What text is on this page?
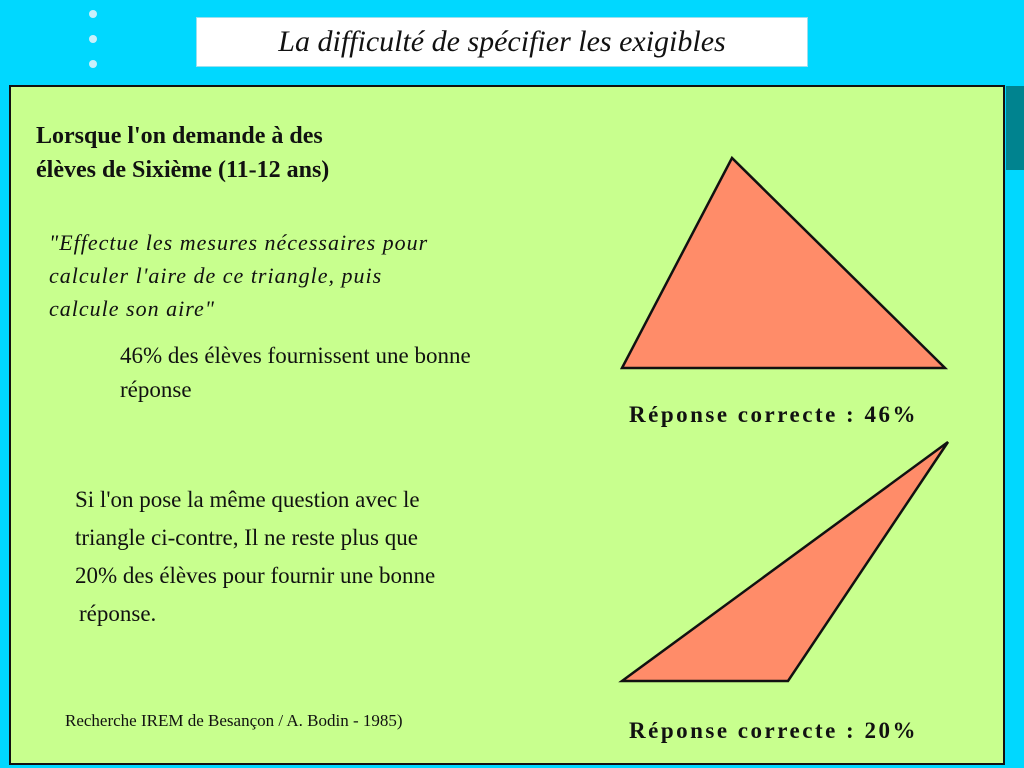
La difficulté de spécifier les exigibles
Lorsque l'on demande à des
élèves de Sixième (11-12 ans)
"Effectue les mesures nécessaires pour
calculer l'aire de ce triangle, puis
calcule son aire"
46% des élèves fournissent une bonne
réponse
Si l'on pose la même question avec le
triangle ci-contre, Il ne reste plus que
20% des élèves pour fournir une bonne
réponse.
Recherche IREM de Besançon / A. Bodin - 1985)
Réponse correcte : 46%
Réponse correcte : 20%
